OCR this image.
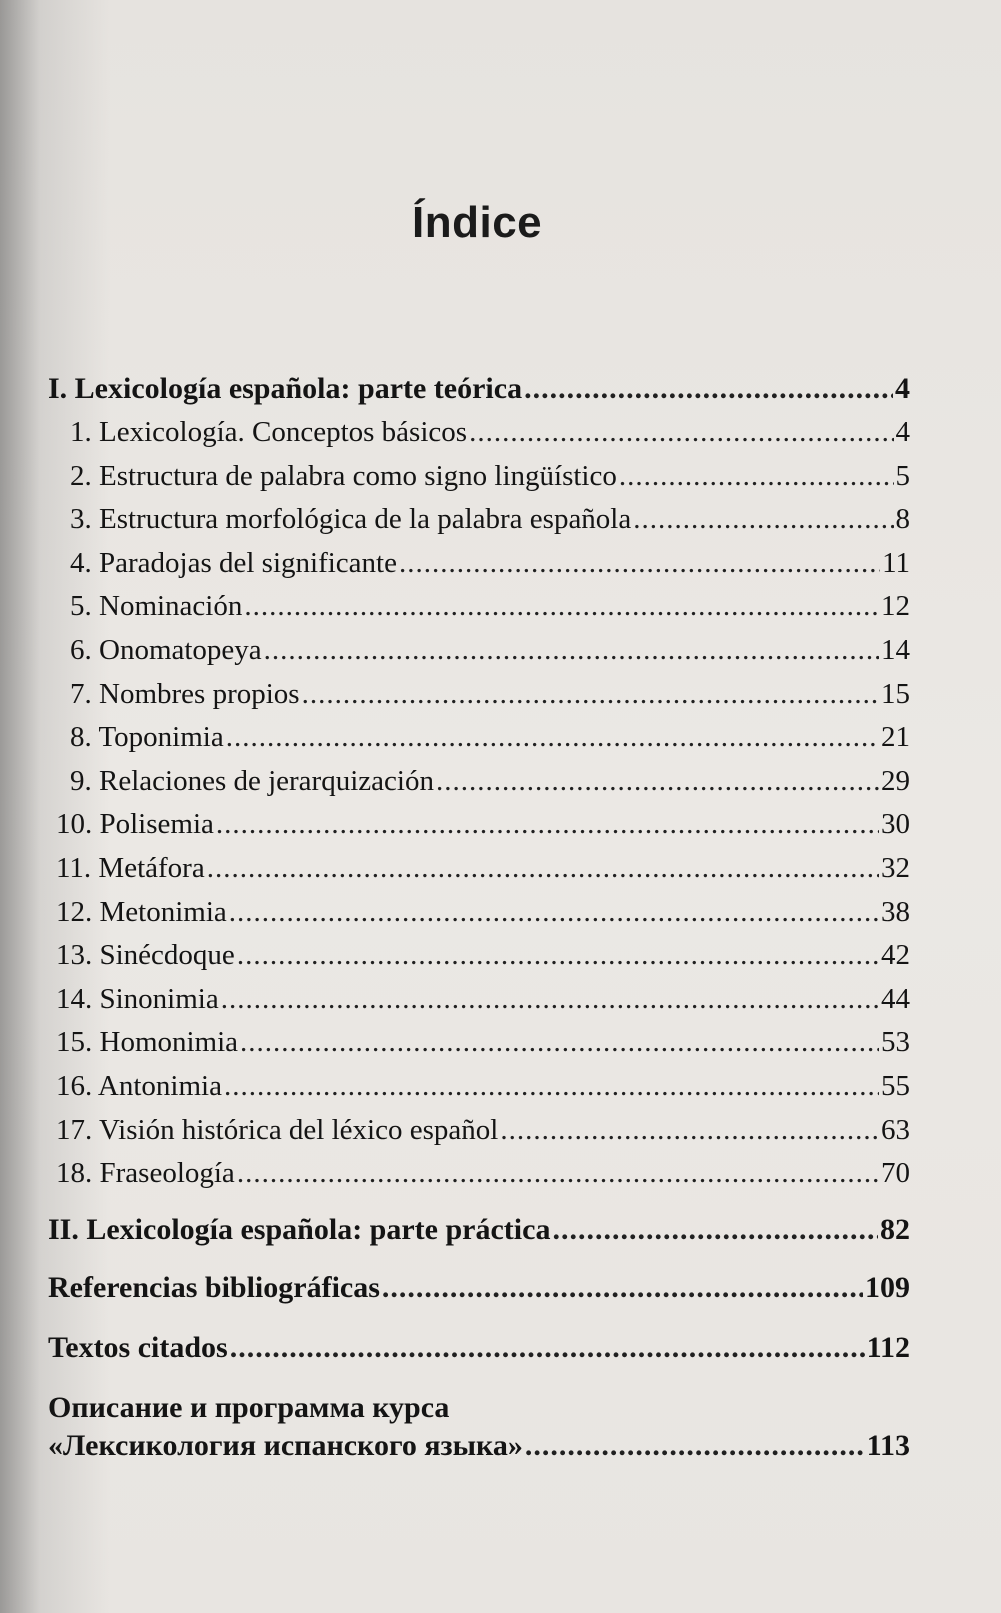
Índice
I. Lexicología española: parte teórica .....	4
1. Lexicología. Conceptos básicos .....	4
2. Estructura de palabra como signo lingüístico .....	5
3. Estructura morfológica de la palabra española .....	8
4. Paradojas del significante .....	11
5. Nominación .....	12
6. Onomatopeya .....	14
7. Nombres propios .....	15
8. Toponimia .....	21
9. Relaciones de jerarquización .....	29
10. Polisemia .....	30
11. Metáfora .....	32
12. Metonimia .....	38
13. Sinécdoque .....	42
14. Sinonimia .....	44
15. Homonimia .....	53
16. Antonimia .....	55
17. Visión histórica del léxico español .....	63
18. Fraseología .....	70
II. Lexicología española: parte práctica .....	82
Referencias bibliográficas .....	109
Textos citados .....	112
Описание и программа курса
«Лексикология испанского языка» .....	113
